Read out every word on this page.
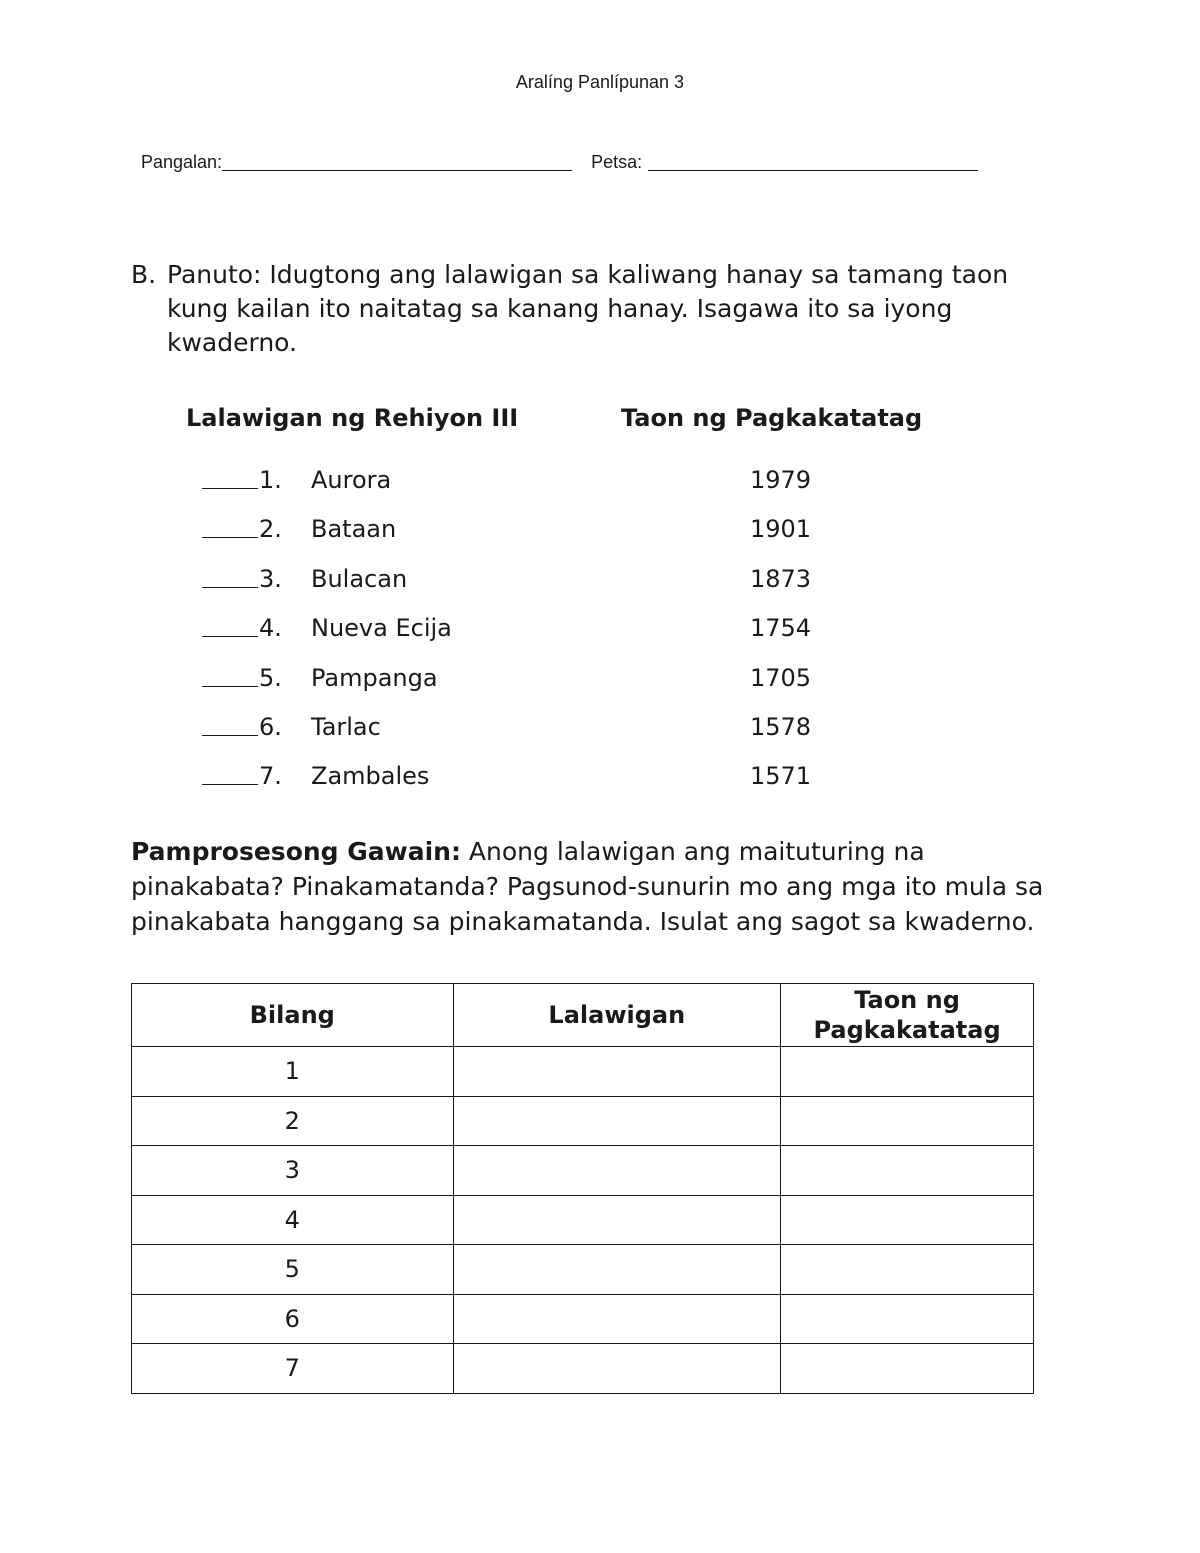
Aralíng Panlípunan 3
Pangalan:	Petsa:
B. Panuto: Idugtong ang lalawigan sa kaliwang hanay sa tamang taon kung kailan ito naitatag sa kanang hanay. Isagawa ito sa iyong kwaderno.
Lalawigan ng Rehiyon III	Taon ng Pagkakatatag
1. Aurora	1979
2. Bataan	1901
3. Bulacan	1873
4. Nueva Ecija	1754
5. Pampanga	1705
6. Tarlac	1578
7. Zambales	1571
Pamprosesong Gawain: Anong lalawigan ang maituturing na pinakabata? Pinakamatanda? Pagsunod-sunurin mo ang mga ito mula sa pinakabata hanggang sa pinakamatanda. Isulat ang sagot sa kwaderno.
Bilang	Lalawigan	Taon ng Pagkakatatag
1		
2		
3		
4		
5		
6		
7		
